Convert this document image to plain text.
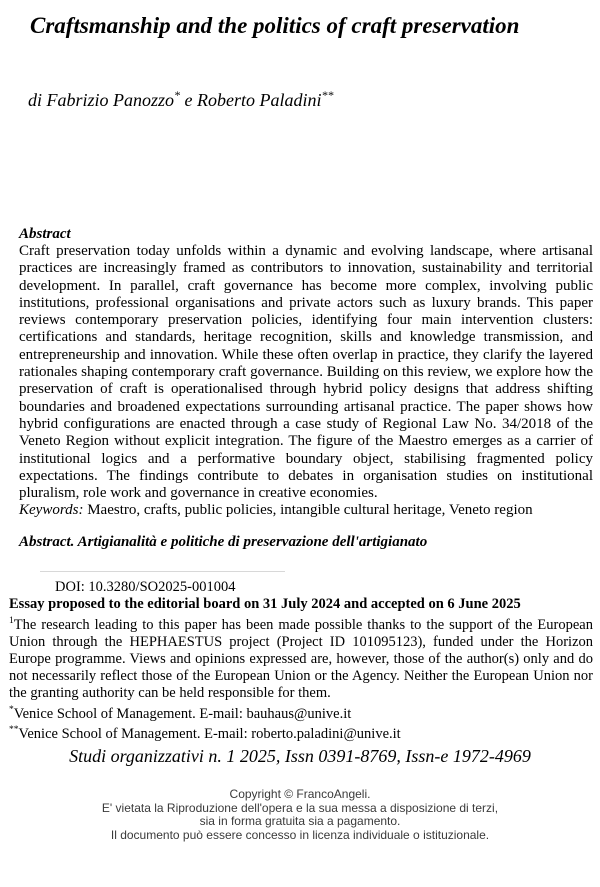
Craftsmanship and the politics of craft preservation
di Fabrizio Panozzo* e Roberto Paladini**
Abstract

Craft preservation today unfolds within a dynamic and evolving landscape, where artisanal practices are increasingly framed as contributors to innovation, sustainability and territorial development. In parallel, craft governance has become more complex, involving public institutions, professional organisations and private actors such as luxury brands. This paper reviews contemporary preservation policies, identifying four main intervention clusters: certifications and standards, heritage recognition, skills and knowledge transmission, and entrepreneurship and innovation. While these often overlap in practice, they clarify the layered rationales shaping contemporary craft governance. Building on this review, we explore how the preservation of craft is operationalised through hybrid policy designs that address shifting boundaries and broadened expectations surrounding artisanal practice. The paper shows how hybrid configurations are enacted through a case study of Regional Law No. 34/2018 of the Veneto Region without explicit integration. The figure of the Maestro emerges as a carrier of institutional logics and a performative boundary object, stabilising fragmented policy expectations. The findings contribute to debates in organisation studies on institutional pluralism, role work and governance in creative economies.

Keywords: Maestro, crafts, public policies, intangible cultural heritage, Veneto region

Abstract. Artigianalità e politiche di preservazione dell'artigianato

DOI: 10.3280/SO2025-001004

Essay proposed to the editorial board on 31 July 2024 and accepted on 6 June 2025

$^1$The research leading to this paper has been made possible thanks to the support of the European Union through the HEPHAESTUS project (Project ID 101095123), funded under the Horizon Europe programme. Views and opinions expressed are, however, those of the author(s) only and do not necessarily reflect those of the European Union or the Agency. Neither the European Union nor the granting authority can be held responsible for them.

*Venice School of Management. E-mail: bauhaus@unive.it

**Venice School of Management. E-mail: roberto.paladini@unive.it

Studi organizzativi n. 1 2025, Issn 0391-8769, Issn-e 1972-4969
Copyright © FrancoAngeli.
E' vietata la Riproduzione dell'opera e la sua messa a disposizione di terzi,
sia in forma gratuita sia a pagamento.
Il documento può essere concesso in licenza individuale o istituzionale.
